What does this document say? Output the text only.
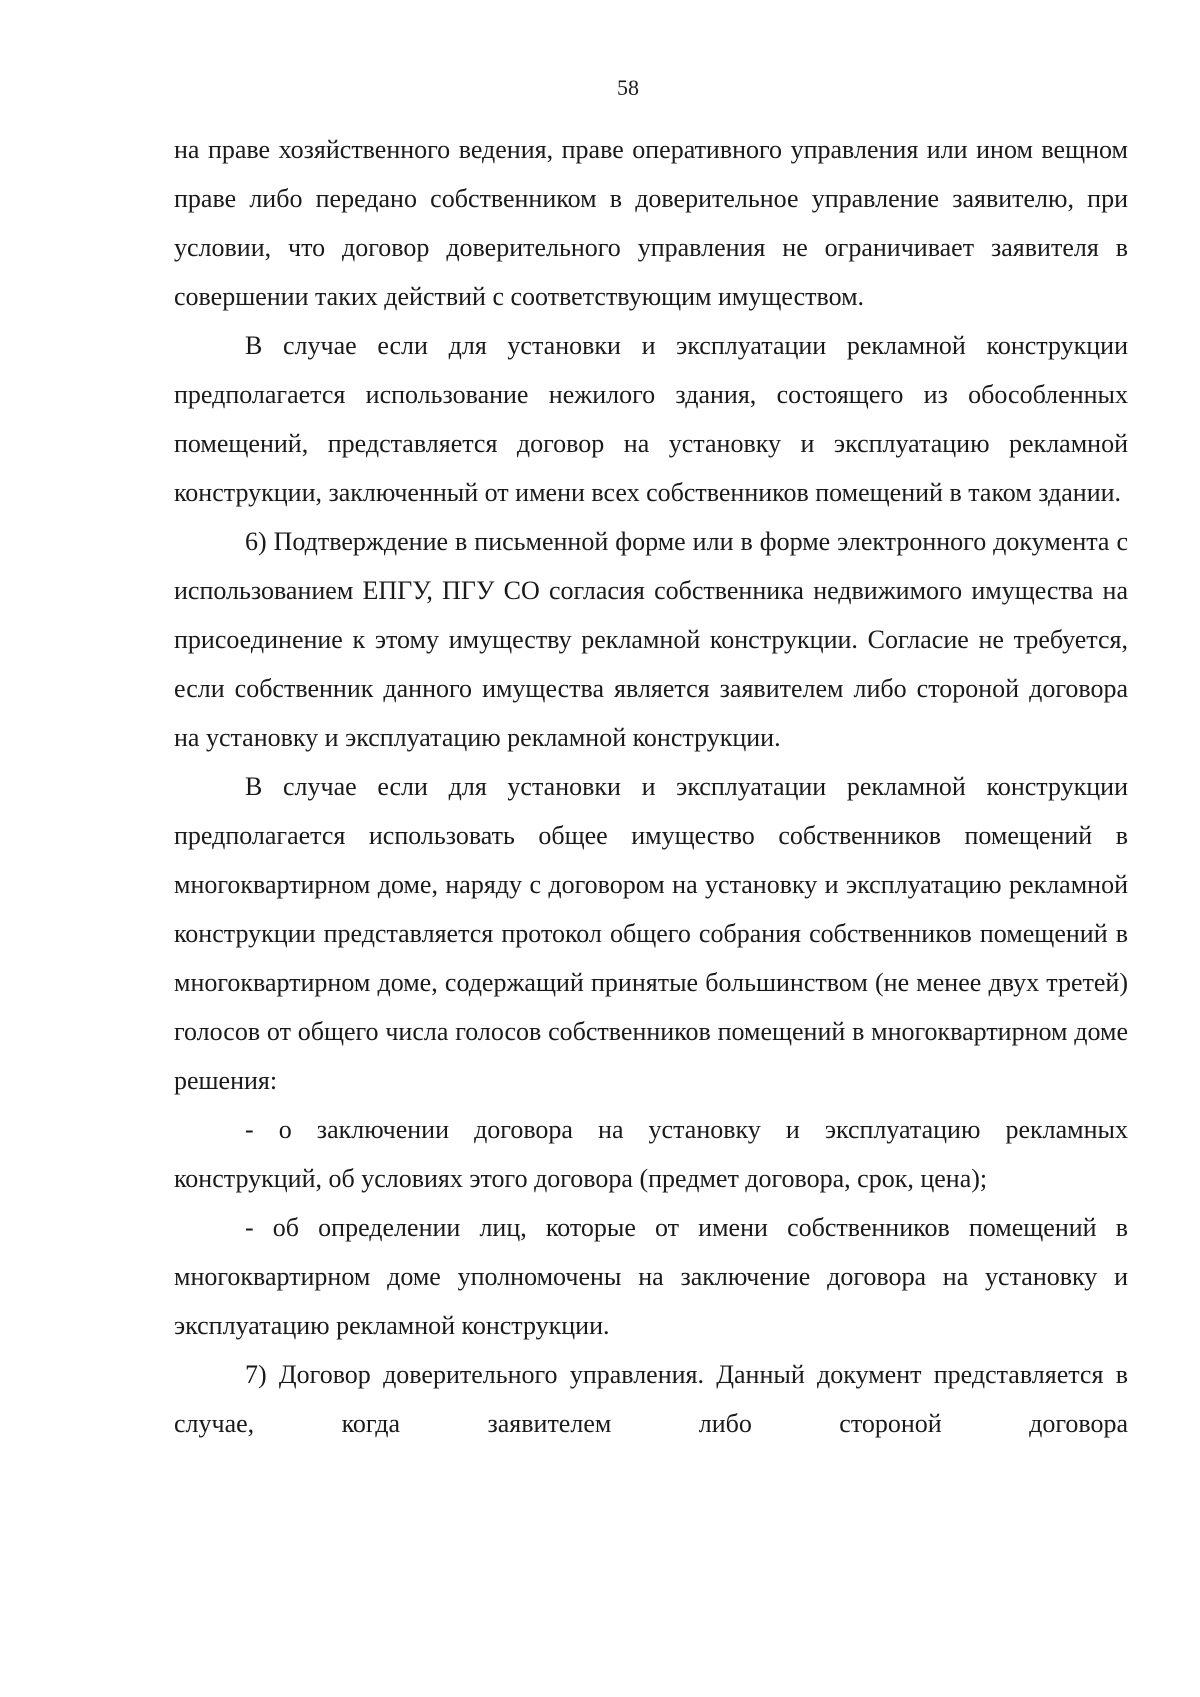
58

на праве хозяйственного ведения, праве оперативного управления или ином вещном праве либо передано собственником в доверительное управление заявителю, при условии, что договор доверительного управления не ограничивает заявителя в совершении таких действий с соответствующим имуществом.

В случае если для установки и эксплуатации рекламной конструкции предполагается использование нежилого здания, состоящего из обособленных помещений, представляется договор на установку и эксплуатацию рекламной конструкции, заключенный от имени всех собственников помещений в таком здании.

6) Подтверждение в письменной форме или в форме электронного документа с использованием ЕПГУ, ПГУ СО согласия собственника недвижимого имущества на присоединение к этому имуществу рекламной конструкции. Согласие не требуется, если собственник данного имущества является заявителем либо стороной договора на установку и эксплуатацию рекламной конструкции.

В случае если для установки и эксплуатации рекламной конструкции предполагается использовать общее имущество собственников помещений в многоквартирном доме, наряду с договором на установку и эксплуатацию рекламной конструкции представляется протокол общего собрания собственников помещений в многоквартирном доме, содержащий принятые большинством (не менее двух третей) голосов от общего числа голосов собственников помещений в многоквартирном доме решения:

- о заключении договора на установку и эксплуатацию рекламных конструкций, об условиях этого договора (предмет договора, срок, цена);

- об определении лиц, которые от имени собственников помещений в многоквартирном доме уполномочены на заключение договора на установку и эксплуатацию рекламной конструкции.

7) Договор доверительного управления. Данный документ представляется в случае, когда заявителем либо стороной договора
